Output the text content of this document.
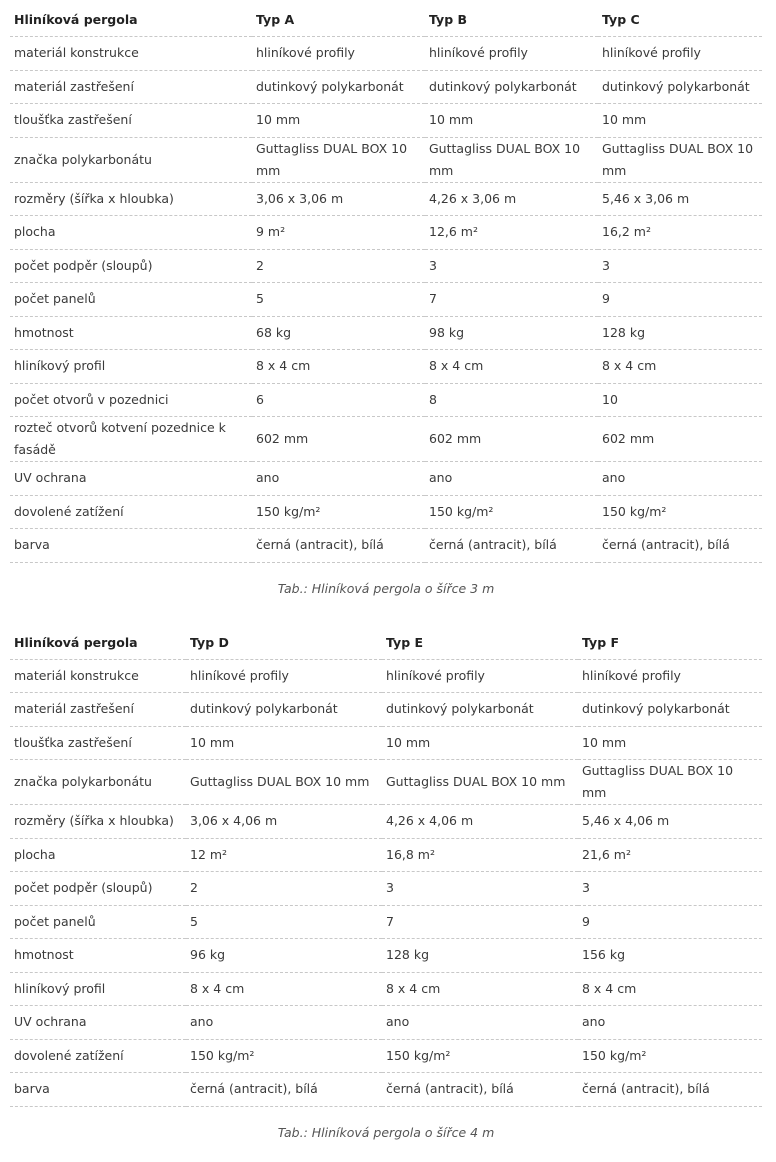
Hliníková pergola	Typ A	Typ B	Typ C
materiál konstrukce	hliníkové profily	hliníkové profily	hliníkové profily
materiál zastřešení	dutinkový polykarbonát	dutinkový polykarbonát	dutinkový polykarbonát
tloušťka zastřešení	10 mm	10 mm	10 mm
značka polykarbonátu	Guttagliss DUAL BOX 10 mm	Guttagliss DUAL BOX 10 mm	Guttagliss DUAL BOX 10 mm
rozměry (šířka x hloubka)	3,06 x 3,06 m	4,26 x 3,06 m	5,46 x 3,06 m
plocha	9 m²	12,6 m²	16,2 m²
počet podpěr (sloupů)	2	3	3
počet panelů	5	7	9
hmotnost	68 kg	98 kg	128 kg
hliníkový profil	8 x 4 cm	8 x 4 cm	8 x 4 cm
počet otvorů v pozednici	6	8	10
rozteč otvorů kotvení pozednice k fasádě	602 mm	602 mm	602 mm
UV ochrana	ano	ano	ano
dovolené zatížení	150 kg/m²	150 kg/m²	150 kg/m²
barva	černá (antracit), bílá	černá (antracit), bílá	černá (antracit), bílá
Tab.: Hliníková pergola o šířce 3 m
Hliníková pergola	Typ D	Typ E	Typ F
materiál konstrukce	hliníkové profily	hliníkové profily	hliníkové profily
materiál zastřešení	dutinkový polykarbonát	dutinkový polykarbonát	dutinkový polykarbonát
tloušťka zastřešení	10 mm	10 mm	10 mm
značka polykarbonátu	Guttagliss DUAL BOX 10 mm	Guttagliss DUAL BOX 10 mm	Guttagliss DUAL BOX 10 mm
rozměry (šířka x hloubka)	3,06 x 4,06 m	4,26 x 4,06 m	5,46 x 4,06 m
plocha	12 m²	16,8 m²	21,6 m²
počet podpěr (sloupů)	2	3	3
počet panelů	5	7	9
hmotnost	96 kg	128 kg	156 kg
hliníkový profil	8 x 4 cm	8 x 4 cm	8 x 4 cm
UV ochrana	ano	ano	ano
dovolené zatížení	150 kg/m²	150 kg/m²	150 kg/m²
barva	černá (antracit), bílá	černá (antracit), bílá	černá (antracit), bílá
Tab.: Hliníková pergola o šířce 4 m
